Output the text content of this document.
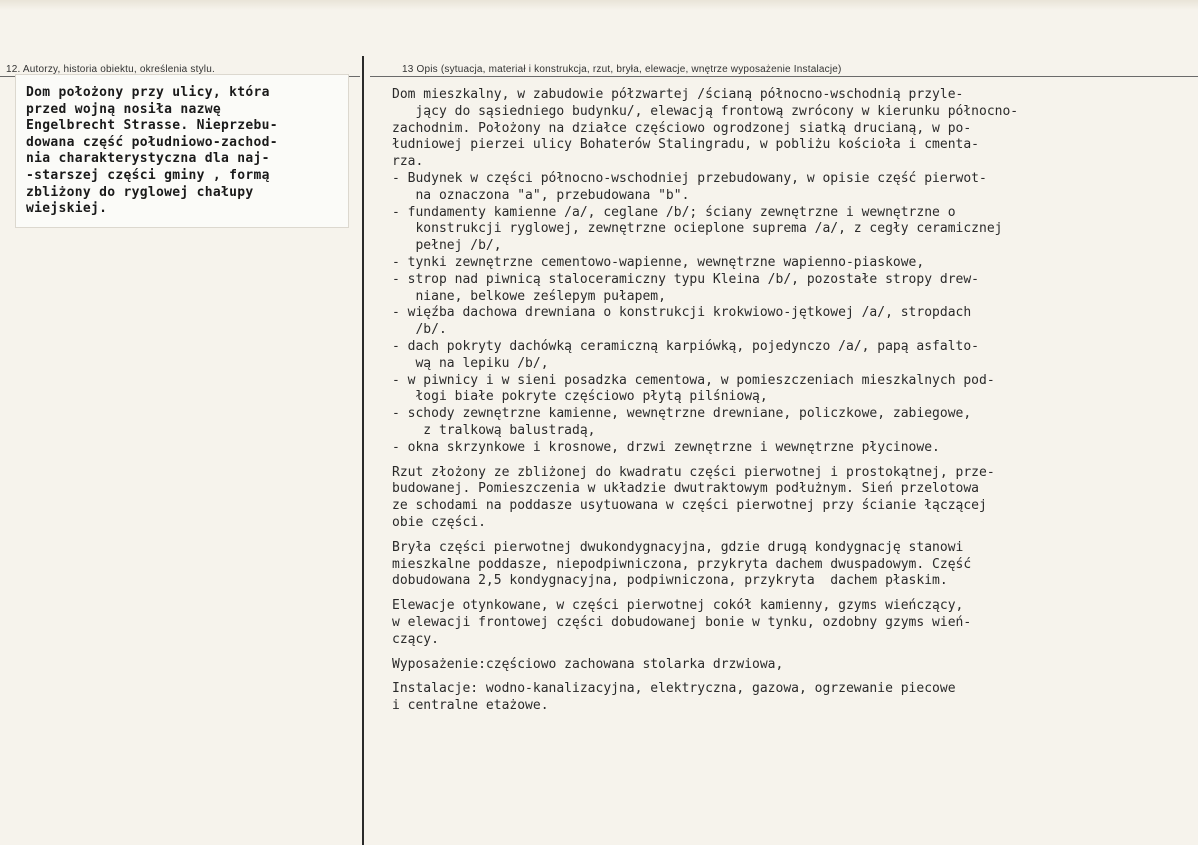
12. Autorzy, historia obiektu, określenia stylu.	13 Opis (sytuacja, materiał i konstrukcja, rzut, bryła, elewacje, wnętrze wyposażenie Instalacje)
Dom położony przy ulicy, która
przed wojną nosiła nazwę
Engelbrecht Strasse. Nieprzebu-
dowana część południowo-zachod-
nia charakterystyczna dla naj-
-starszej części gminy , formą
zbliżony do ryglowej chałupy
wiejskiej.
Dom mieszkalny, w zabudowie półzwartej /ścianą północno-wschodnią przyle-
jący do sąsiedniego budynku/, elewacją frontową zwrócony w kierunku północno-
zachodnim. Położony na działce częściowo ogrodzonej siatką drucianą, w po-
łudniowej pierzei ulicy Bohaterów Stalingradu, w pobliżu kościoła i cmenta-
rza.
- Budynek w części północno-wschodniej przebudowany, w opisie część pierwot-
na oznaczona "a", przebudowana "b".
- fundamenty kamienne /a/, ceglane /b/; ściany zewnętrzne i wewnętrzne o
konstrukcji ryglowej, zewnętrzne ocieplone suprema /a/, z cegły ceramicznej
pełnej /b/,
- tynki zewnętrzne cementowo-wapienne, wewnętrzne wapienno-piaskowe,
- strop nad piwnicą staloceramiczny typu Kleina /b/, pozostałe stropy drew-
niane, belkowe ześlepym pułapem,
- więźba dachowa drewniana o konstrukcji krokwiowo-jętkowej /a/, stropdach
/b/.
- dach pokryty dachówką ceramiczną karpiówką, pojedynczo /a/, papą asfalto-
wą na lepiku /b/,
- w piwnicy i w sieni posadzka cementowa, w pomieszczeniach mieszkalnych pod-
łogi białe pokryte częściowo płytą pilśniową,
- schody zewnętrzne kamienne, wewnętrzne drewniane, policzkowe, zabiegowe,
z tralkową balustradą,
- okna skrzynkowe i krosnowe, drzwi zewnętrzne i wewnętrzne płycinowe.
Rzut złożony ze zbliżonej do kwadratu części pierwotnej i prostokątnej, prze-
budowanej. Pomieszczenia w układzie dwutraktowym podłużnym. Sień przelotowa
ze schodami na poddasze usytuowana w części pierwotnej przy ścianie łączącej
obie części.
Bryła części pierwotnej dwukondygnacyjna, gdzie drugą kondygnację stanowi
mieszkalne poddasze, niepodpiwniczona, przykryta dachem dwuspadowym. Część
dobudowana 2,5 kondygnacyjna, podpiwniczona, przykryta  dachem płaskim.
Elewacje otynkowane, w części pierwotnej cokół kamienny, gzyms wieńczący,
w elewacji frontowej części dobudowanej bonie w tynku, ozdobny gzyms wień-
czący.
Wyposażenie:częściowo zachowana stolarka drzwiowa,
Instalacje: wodno-kanalizacyjna, elektryczna, gazowa, ogrzewanie piecowe
i centralne etażowe.
